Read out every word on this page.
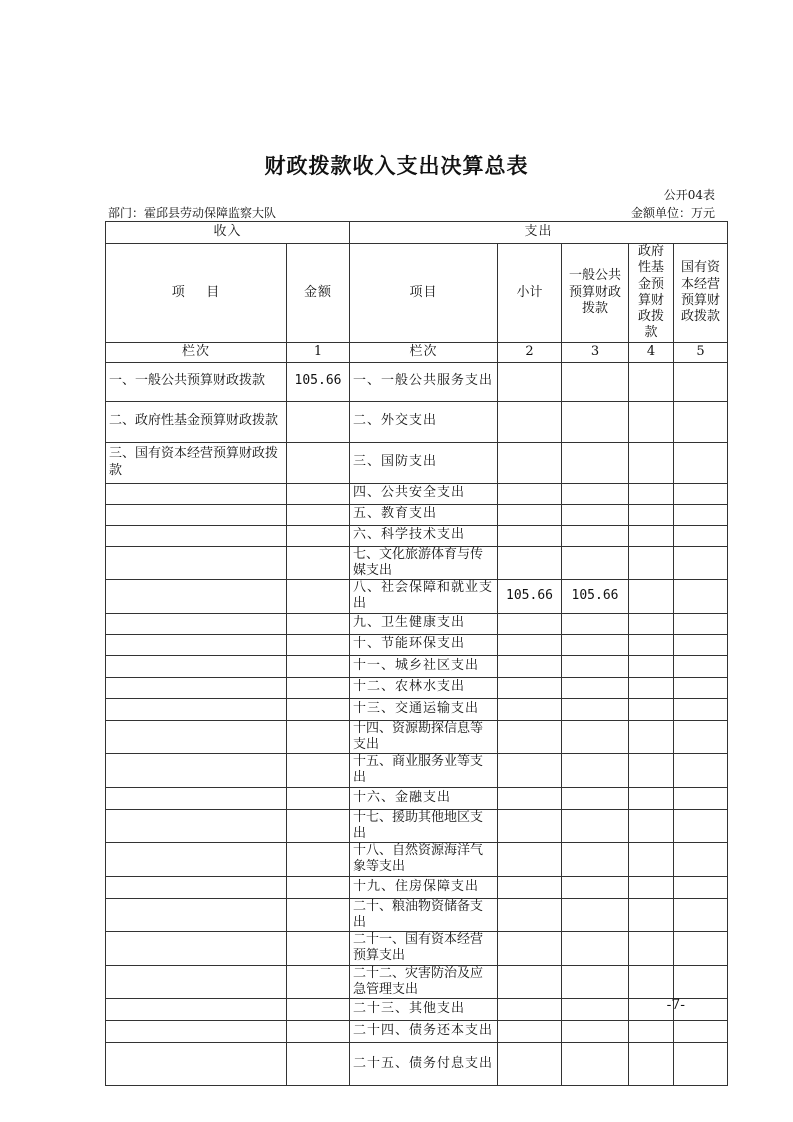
财政拨款收入支出决算总表
公开04表
部门：霍邱县劳动保障监察大队	金额单位：万元
收入		支出				
项    目	金额	项目	小计	一般公共预算财政拨款	政府性基金预算财政拨款	国有资本经营预算财政拨款
栏次	1	栏次	2	3	4	5
一、一般公共预算财政拨款	105.66	一、一般公共服务支出				
二、政府性基金预算财政拨款		二、外交支出				
三、国有资本经营预算财政拨款		三、国防支出				
		四、公共安全支出				
		五、教育支出				
		六、科学技术支出				
		七、文化旅游体育与传媒支出				
		八、社会保障和就业支出	105.66	105.66		
		九、卫生健康支出				
		十、节能环保支出				
		十一、城乡社区支出				
		十二、农林水支出				
		十三、交通运输支出				
		十四、资源勘探信息等支出				
		十五、商业服务业等支出				
		十六、金融支出				
		十七、援助其他地区支出				
		十八、自然资源海洋气象等支出				
		十九、住房保障支出				
		二十、粮油物资储备支出				
		二十一、国有资本经营预算支出				
		二十二、灾害防治及应急管理支出				
		二十三、其他支出				
		二十四、债务还本支出				
		二十五、债务付息支出				
-7-
